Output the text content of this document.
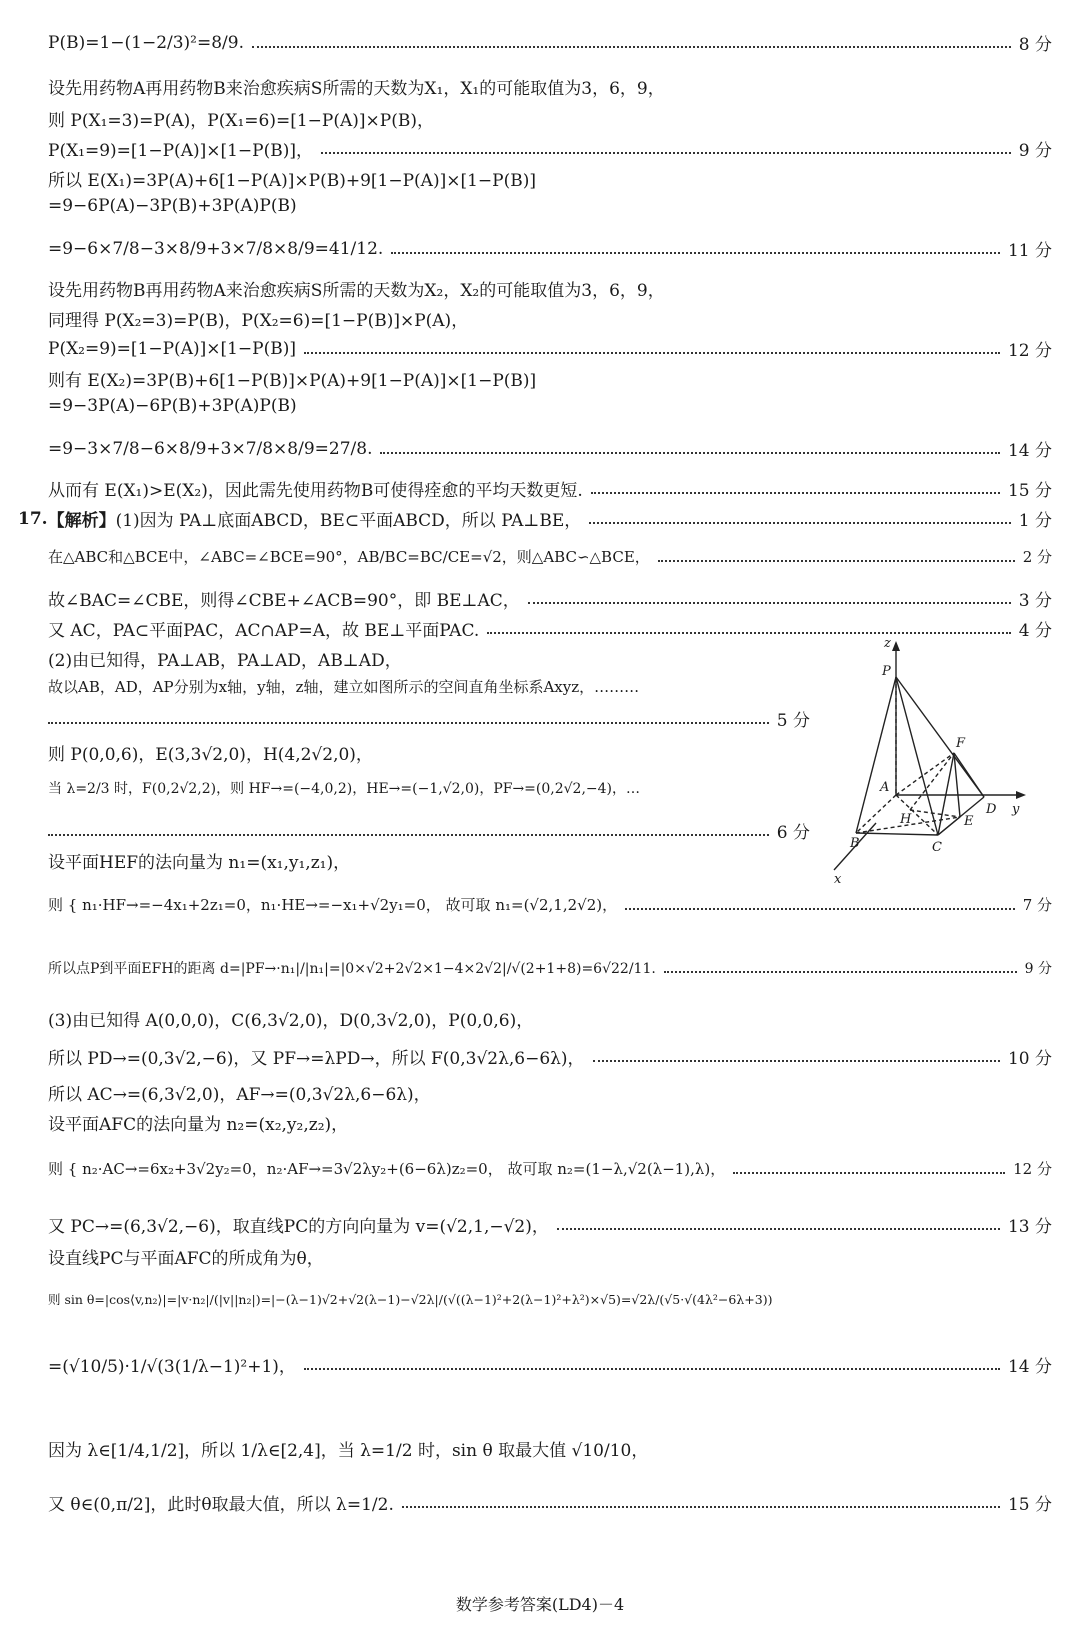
P(B)=1−(1−2/3)²=8/9.	8 分
设先用药物A再用药物B来治愈疾病S所需的天数为X₁，X₁的可能取值为3，6，9，
则 P(X₁=3)=P(A)，P(X₁=6)=[1−P(A)]×P(B)，
P(X₁=9)=[1−P(A)]×[1−P(B)]，	9 分
所以 E(X₁)=3P(A)+6[1−P(A)]×P(B)+9[1−P(A)]×[1−P(B)]
=9−6P(A)−3P(B)+3P(A)P(B)
=9−6×7/8−3×8/9+3×7/8×8/9=41/12.	11 分
设先用药物B再用药物A来治愈疾病S所需的天数为X₂，X₂的可能取值为3，6，9，
同理得 P(X₂=3)=P(B)，P(X₂=6)=[1−P(B)]×P(A)，
P(X₂=9)=[1−P(A)]×[1−P(B)]	12 分
则有 E(X₂)=3P(B)+6[1−P(B)]×P(A)+9[1−P(A)]×[1−P(B)]
=9−3P(A)−6P(B)+3P(A)P(B)
=9−3×7/8−6×8/9+3×7/8×8/9=27/8.	14 分
从而有 E(X₁)>E(X₂)，因此需先使用药物B可使得痊愈的平均天数更短.	15 分
17. 【解析】 (1)因为 PA⊥底面ABCD，BE⊂平面ABCD，所以 PA⊥BE，	1 分
在△ABC和△BCE中，∠ABC=∠BCE=90°，AB/BC=BC/CE=√2，则△ABC∽△BCE，	2 分
故∠BAC=∠CBE，则得∠CBE+∠ACB=90°，即 BE⊥AC，	3 分
又 AC，PA⊂平面PAC，AC∩AP=A，故 BE⊥平面PAC.	4 分
(2)由已知得，PA⊥AB，PA⊥AD，AB⊥AD，
故以AB，AD，AP分别为x轴，y轴，z轴，建立如图所示的空间直角坐标系Axyz，………
5 分
则 P(0,0,6)，E(3,3√2,0)，H(4,2√2,0)，
当 λ=2/3 时，F(0,2√2,2)，则 HF→=(−4,0,2)，HE→=(−1,√2,0)，PF→=(0,2√2,−4)，…
6 分
设平面HEF的法向量为 n₁=(x₁,y₁,z₁)，
则 { n₁·HF→=−4x₁+2z₁=0，n₁·HE→=−x₁+√2y₁=0， 故可取 n₁=(√2,1,2√2)，	7 分
所以点P到平面EFH的距离 d=|PF→·n₁|/|n₁|=|0×√2+2√2×1−4×2√2|/√(2+1+8)=6√22/11.	9 分
(3)由已知得 A(0,0,0)，C(6,3√2,0)，D(0,3√2,0)，P(0,0,6)，
所以 PD→=(0,3√2,−6)，又 PF→=λPD→，所以 F(0,3√2λ,6−6λ)，	10 分
所以 AC→=(6,3√2,0)，AF→=(0,3√2λ,6−6λ)，
设平面AFC的法向量为 n₂=(x₂,y₂,z₂)，
则 { n₂·AC→=6x₂+3√2y₂=0，n₂·AF→=3√2λy₂+(6−6λ)z₂=0， 故可取 n₂=(1−λ,√2(λ−1),λ)，	12 分
又 PC→=(6,3√2,−6)，取直线PC的方向向量为 v=(√2,1,−√2)，	13 分
设直线PC与平面AFC的所成角为θ，
则 sin θ=|cos⟨v,n₂⟩|=|v·n₂|/(|v||n₂|)=|−(λ−1)√2+√2(λ−1)−√2λ|/(√((λ−1)²+2(λ−1)²+λ²)×√5)=√2λ/(√5·√(4λ²−6λ+3))
=(√10/5)·1/√(3(1/λ−1)²+1)，	14 分
因为 λ∈[1/4,1/2]，所以 1/λ∈[2,4]，当 λ=1/2 时，sin θ 取最大值 √10/10，
又 θ∈(0,π/2]，此时θ取最大值，所以 λ=1/2.	15 分
z
y
x
P
F
A
D
H	E
B	C
数学参考答案(LD4)－4
